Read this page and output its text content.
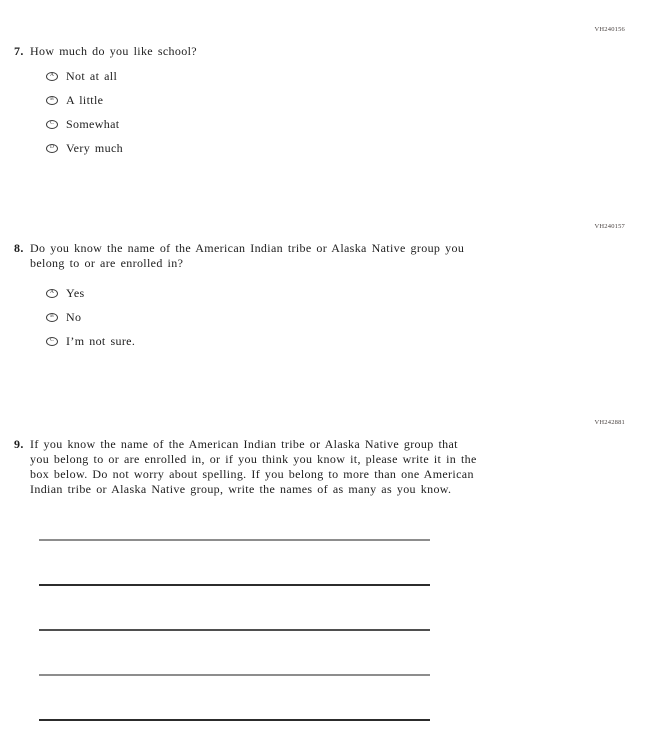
VH240156
7. How much do you like school?
A Not at all
B A little
C Somewhat
D Very much
VH240157
8. Do you know the name of the American Indian tribe or Alaska Native group you
belong to or are enrolled in?
A Yes
B No
C I’m not sure.
VH242881
9. If you know the name of the American Indian tribe or Alaska Native group that
you belong to or are enrolled in, or if you think you know it, please write it in the
box below. Do not worry about spelling. If you belong to more than one American
Indian tribe or Alaska Native group, write the names of as many as you know.
